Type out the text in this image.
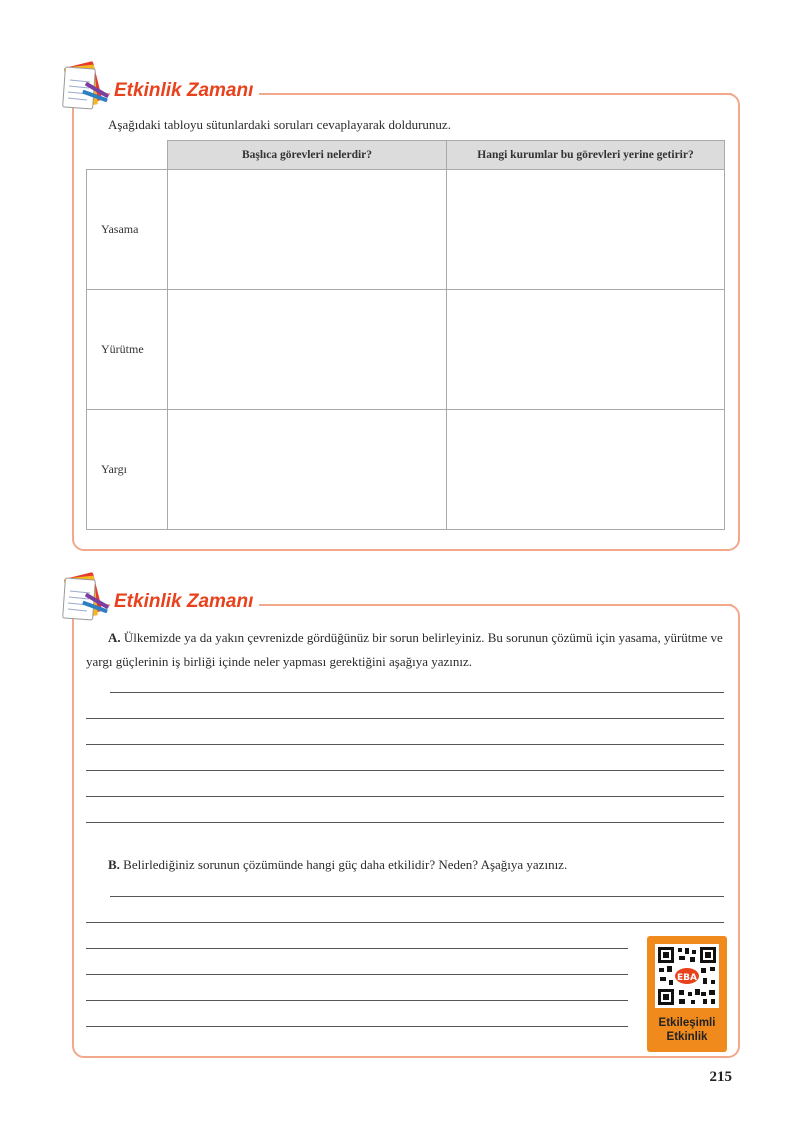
Etkinlik Zamanı
Aşağıdaki tabloyu sütunlardaki soruları cevaplayarak doldurunuz.
	Başlıca görevleri nelerdir?	Hangi kurumlar bu görevleri yerine getirir?
Yasama		
Yürütme		
Yargı		
Etkinlik Zamanı
A. Ülkemizde ya da yakın çevrenizde gördüğünüz bir sorun belirleyiniz. Bu sorunun çözümü için yasama, yürütme ve yargı güçlerinin iş birliği içinde neler yapması gerektiğini aşağıya yazınız.
B. Belirlediğiniz sorunun çözümünde hangi güç daha etkilidir? Neden? Aşağıya yazınız.
EBA
Etkileşimli
Etkinlik
215
